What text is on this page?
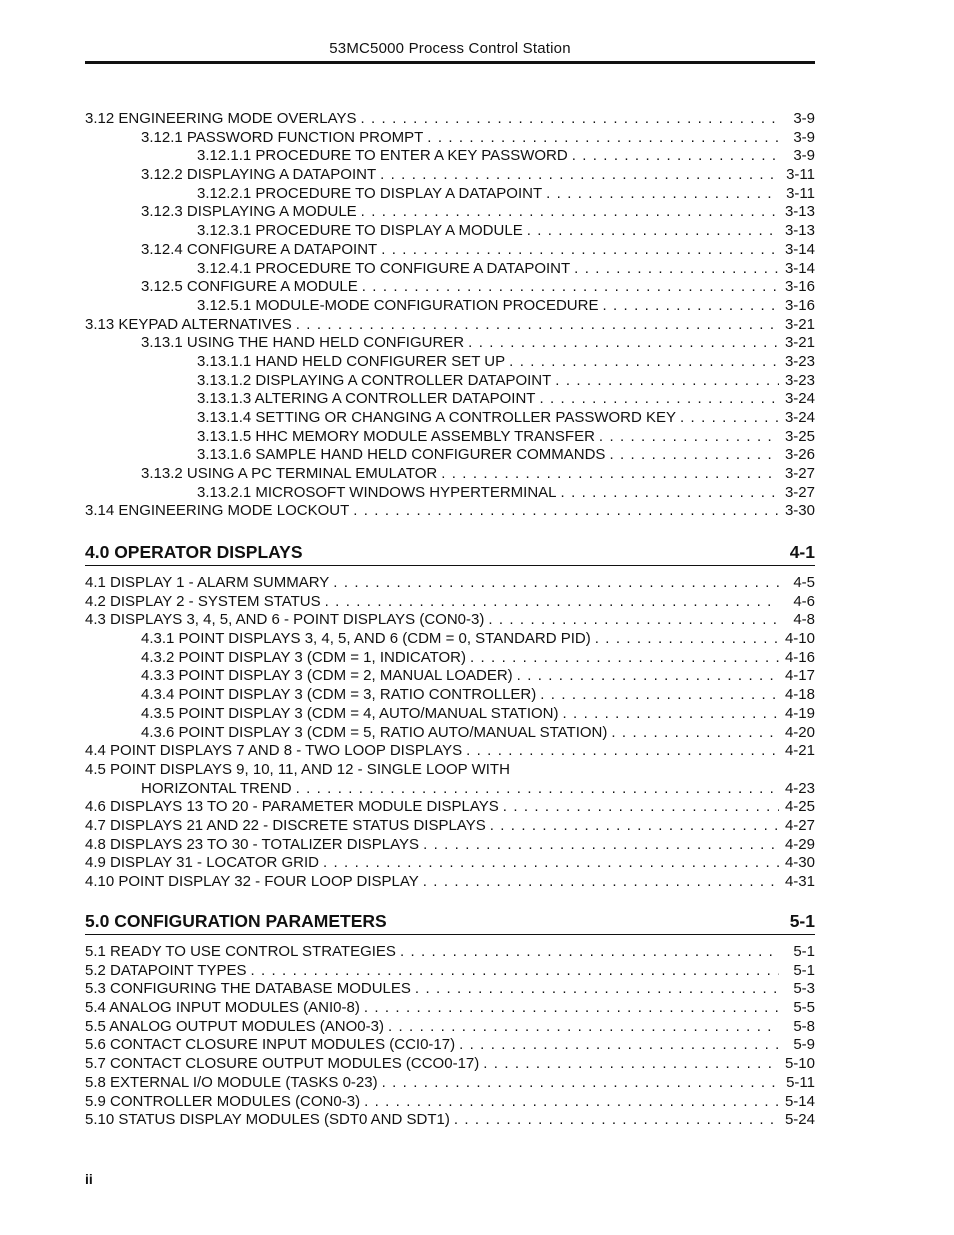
53MC5000 Process Control Station
3.12 ENGINEERING MODE OVERLAYS . . .	3-9
3.12.1 PASSWORD FUNCTION PROMPT . . .	3-9
3.12.1.1 PROCEDURE TO ENTER A KEY PASSWORD . . .	3-9
3.12.2 DISPLAYING A DATAPOINT . . .	3-11
3.12.2.1 PROCEDURE TO DISPLAY A DATAPOINT . . .	3-11
3.12.3 DISPLAYING A MODULE . . .	3-13
3.12.3.1 PROCEDURE TO DISPLAY A MODULE . . .	3-13
3.12.4 CONFIGURE A DATAPOINT . . .	3-14
3.12.4.1 PROCEDURE TO CONFIGURE A DATAPOINT . . .	3-14
3.12.5 CONFIGURE A MODULE . . .	3-16
3.12.5.1 MODULE-MODE CONFIGURATION PROCEDURE . . .	3-16
3.13 KEYPAD ALTERNATIVES . . .	3-21
3.13.1 USING THE HAND HELD CONFIGURER . . .	3-21
3.13.1.1 HAND HELD CONFIGURER SET UP . . .	3-23
3.13.1.2 DISPLAYING A CONTROLLER DATAPOINT . . .	3-23
3.13.1.3 ALTERING A CONTROLLER DATAPOINT . . .	3-24
3.13.1.4 SETTING OR CHANGING A CONTROLLER PASSWORD KEY . . .	3-24
3.13.1.5 HHC MEMORY MODULE ASSEMBLY TRANSFER . . .	3-25
3.13.1.6 SAMPLE HAND HELD CONFIGURER COMMANDS . . .	3-26
3.13.2 USING A PC TERMINAL EMULATOR . . .	3-27
3.13.2.1 MICROSOFT WINDOWS HYPERTERMINAL . . .	3-27
3.14 ENGINEERING MODE LOCKOUT . . .	3-30
4.0 OPERATOR DISPLAYS	4-1
4.1 DISPLAY 1 - ALARM SUMMARY . . .	4-5
4.2 DISPLAY 2 - SYSTEM STATUS . . .	4-6
4.3 DISPLAYS 3, 4, 5, AND 6 - POINT DISPLAYS (CON0-3) . . .	4-8
4.3.1 POINT DISPLAYS 3, 4, 5, AND 6 (CDM = 0, STANDARD PID) . . .	4-10
4.3.2 POINT DISPLAY 3 (CDM = 1, INDICATOR) . . .	4-16
4.3.3 POINT DISPLAY 3 (CDM = 2, MANUAL LOADER) . . .	4-17
4.3.4 POINT DISPLAY 3 (CDM = 3, RATIO CONTROLLER) . . .	4-18
4.3.5 POINT DISPLAY 3 (CDM = 4, AUTO/MANUAL STATION) . . .	4-19
4.3.6 POINT DISPLAY 3 (CDM = 5, RATIO AUTO/MANUAL STATION) . . .	4-20
4.4 POINT DISPLAYS 7 AND 8 - TWO LOOP DISPLAYS . . .	4-21
4.5 POINT DISPLAYS 9, 10, 11, AND 12 - SINGLE LOOP WITH
HORIZONTAL TREND . . .	4-23
4.6 DISPLAYS 13 TO 20 - PARAMETER MODULE DISPLAYS . . .	4-25
4.7 DISPLAYS 21 AND 22 - DISCRETE STATUS DISPLAYS . . .	4-27
4.8 DISPLAYS 23 TO 30 - TOTALIZER DISPLAYS . . .	4-29
4.9 DISPLAY 31 - LOCATOR GRID . . .	4-30
4.10 POINT DISPLAY 32 - FOUR LOOP DISPLAY . . .	4-31
5.0 CONFIGURATION PARAMETERS	5-1
5.1 READY TO USE CONTROL STRATEGIES . . .	5-1
5.2 DATAPOINT TYPES . . .	5-1
5.3 CONFIGURING THE DATABASE MODULES . . .	5-3
5.4 ANALOG INPUT MODULES (ANI0-8) . . .	5-5
5.5 ANALOG OUTPUT MODULES (ANO0-3) . . .	5-8
5.6 CONTACT CLOSURE INPUT MODULES (CCI0-17) . . .	5-9
5.7 CONTACT CLOSURE OUTPUT MODULES (CCO0-17) . . .	5-10
5.8 EXTERNAL I/O MODULE (TASKS 0-23) . . .	5-11
5.9 CONTROLLER MODULES (CON0-3) . . .	5-14
5.10 STATUS DISPLAY MODULES (SDT0 AND SDT1) . . .	5-24
ii
